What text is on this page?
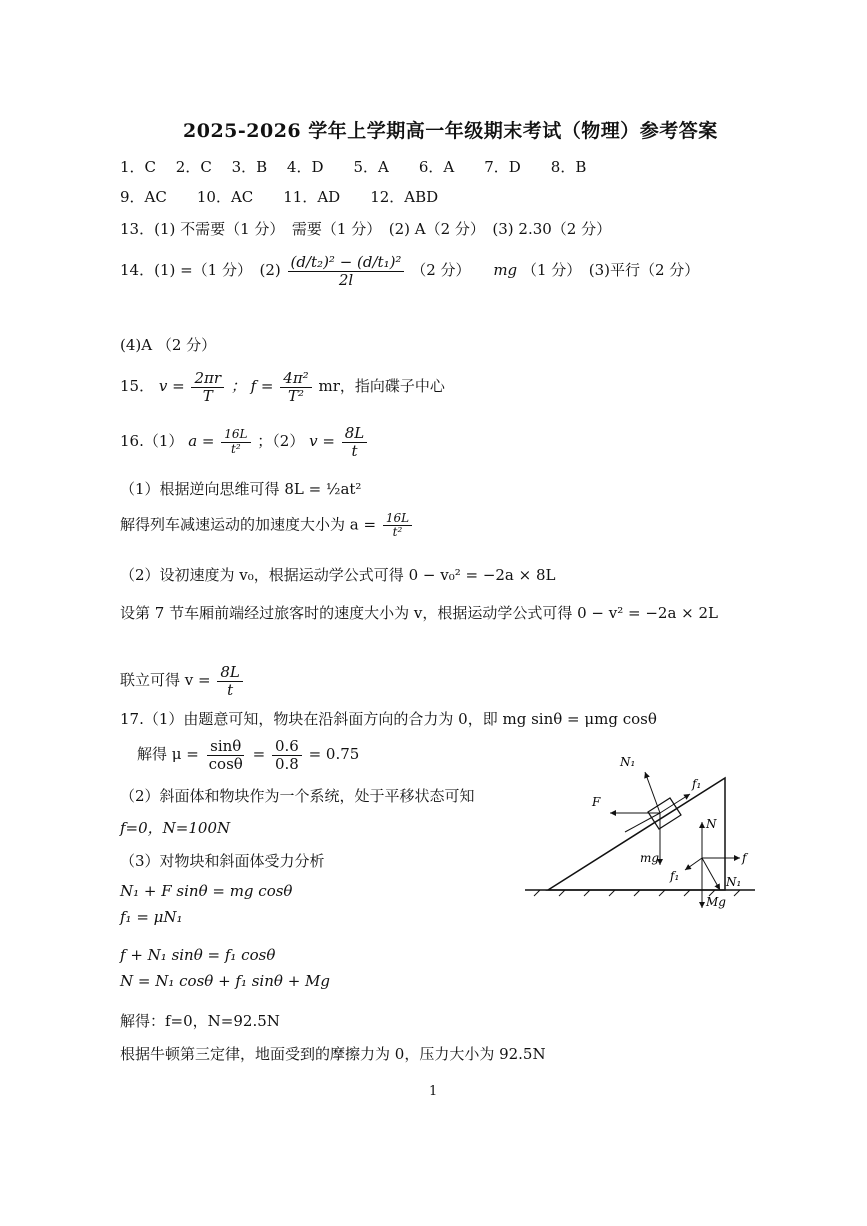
2025-2026 学年上学期高一年级期末考试（物理）参考答案
1．C　 2．C　 3．B　 4．D　　5．A　　6．A　　7．D　　8．B
9．AC　　10．AC　　11．AD　　12．ABD
13．(1) 不需要（1 分）　需要（1 分）　(2) A（2 分）　(3) 2.30（2 分）
14．(1) =（1 分）　$(2) \frac{\text{(d/t₂)² − (d/t₁)²}}{2l} (2$ 分） mg （1 分）　(3)平行（2 分）
(4)A （2 分）
15． $v = \frac{2\pi r}{T}$ ； $f = \frac{\text{4π²}}{\text{T²}}$ mr，指向碟子中心
16.（1） $a = \frac{16L}{\text{t²}}$ ；（2） $v = \frac{8L}{t}$
（1）根据逆向思维可得 8L = ½at²
解得列车减速运动的加速度大小为 $a = \frac{16L}{\text{t²}}$
（2）设初速度为 v₀，根据运动学公式可得 0 − v₀² = −2a × 8L
设第 7 节车厢前端经过旅客时的速度大小为 v，根据运动学公式可得 0 − v² = −2a × 2L
联立可得 $v = \frac{8L}{t}$
17.（1）由题意可知，物块在沿斜面方向的合力为 0，即 mg sinθ = μmg cosθ
解得 $\mu = \frac{\sin\theta}{\cos\theta} = \frac{0.6}{0.8} = 0.75$
（2）斜面体和物块作为一个系统，处于平移状态可知
f=0，N=100N
（3）对物块和斜面体受力分析
N₁ + F sinθ = mg cosθ
f₁ = μN₁
f + N₁ sinθ = f₁ cosθ
N = N₁ cosθ + f₁ sinθ + Mg
解得：f=0，N=92.5N
根据牛顿第三定律，地面受到的摩擦力为 0，压力大小为 92.5N
N₁
f₁
F
mg
N
f
f₁	N₁
Mg
1
